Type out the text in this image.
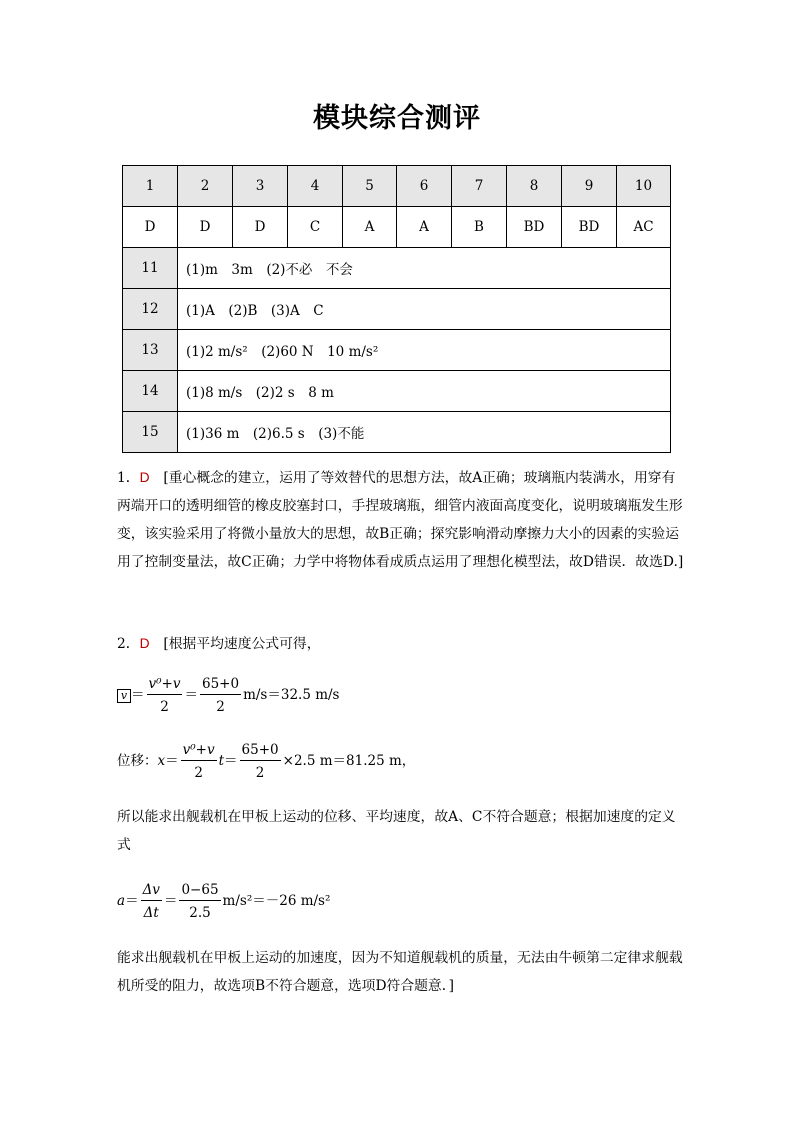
模块综合测评
1	2	3	4	5	6	7	8	9	10
D	D	D	C	A	A	B	BD	BD	AC
11	(1)m　3m　(2)不必　不会								
12	(1)A　(2)B　(3)A　C								
13	(1)2 m/s²　(2)60 N　10 m/s²								
14	(1)8 m/s　(2)2 s　8 m								
15	(1)36 m　(2)6.5 s　(3)不能								
1．D　 [重心概念的建立，运用了等效替代的思想方法，故A正确；玻璃瓶内装满水，用穿有两端开口的透明细管的橡皮胶塞封口，手捏玻璃瓶，细管内液面高度变化，说明玻璃瓶发生形变，该实验采用了将微小量放大的思想，故B正确；探究影响滑动摩擦力大小的因素的实验运用了控制变量法，故C正确；力学中将物体看成质点运用了理想化模型法，故D错误．故选D.]
2．D　 [根据平均速度公式可得，
$v = \frac{\text{v⁰+v}}{2} = \frac{65+0}{2} m/s=32.5$ m/s
位移：$x= \frac{\text{v⁰+v}}{2} t= \frac{65+0}{2} \times 2.5$ m＝81.25 m，
所以能求出舰载机在甲板上运动的位移、平均速度，故A、C不符合题意；根据加速度的定义式
$a= \frac{\Delta v}{\Delta t} = \frac{0-65}{2.5} m/s^2=-26$ m/s²
能求出舰载机在甲板上运动的加速度，因为不知道舰载机的质量，无法由牛顿第二定律求舰载机所受的阻力，故选项B不符合题意，选项D符合题意．]
